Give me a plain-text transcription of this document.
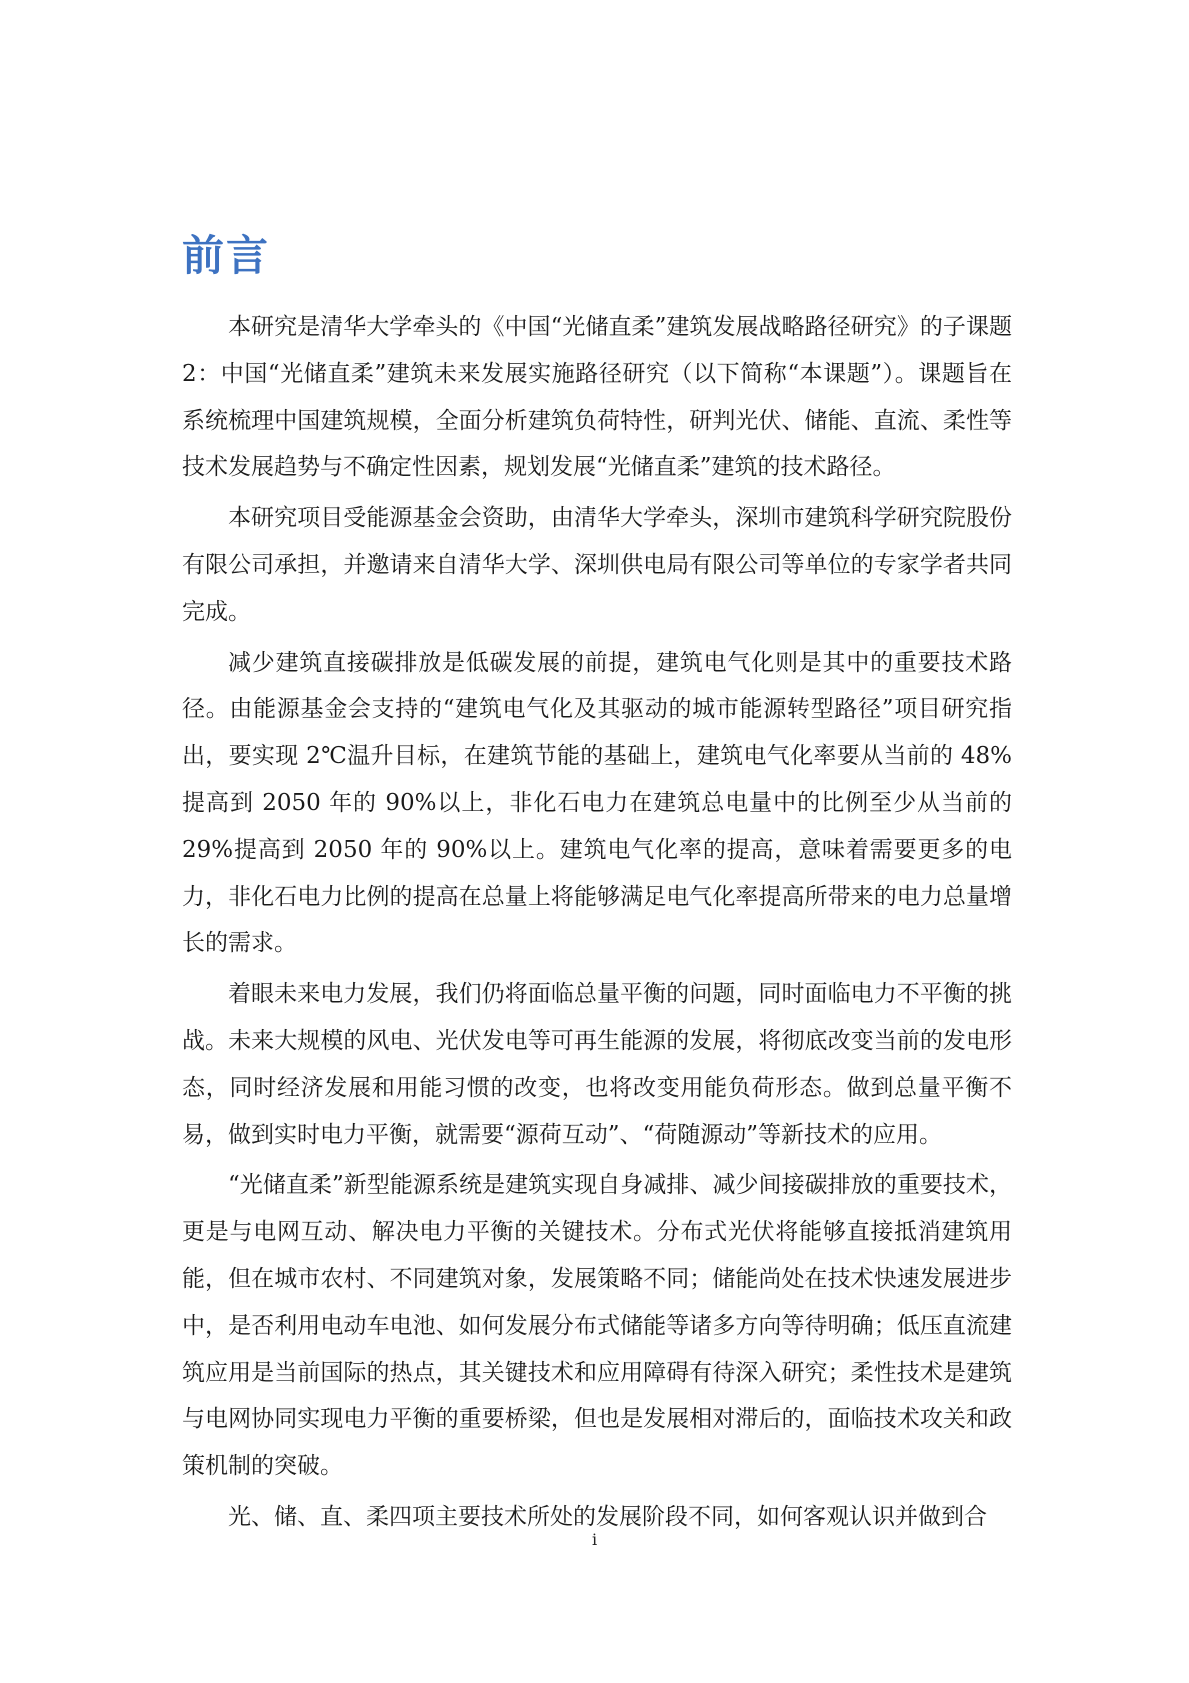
前言

本研究是清华大学牵头的《中国“光储直柔”建筑发展战略路径研究》的子课题 2：中国“光储直柔”建筑未来发展实施路径研究（以下简称“本课题”）。课题旨在系统梳理中国建筑规模，全面分析建筑负荷特性，研判光伏、储能、直流、柔性等技术发展趋势与不确定性因素，规划发展“光储直柔”建筑的技术路径。

本研究项目受能源基金会资助，由清华大学牵头，深圳市建筑科学研究院股份有限公司承担，并邀请来自清华大学、深圳供电局有限公司等单位的专家学者共同完成。

减少建筑直接碳排放是低碳发展的前提，建筑电气化则是其中的重要技术路径。由能源基金会支持的“建筑电气化及其驱动的城市能源转型路径”项目研究指出，要实现 2℃温升目标，在建筑节能的基础上，建筑电气化率要从当前的 48%提高到 2050 年的 90%以上，非化石电力在建筑总电量中的比例至少从当前的 29%提高到 2050 年的 90%以上。建筑电气化率的提高，意味着需要更多的电力，非化石电力比例的提高在总量上将能够满足电气化率提高所带来的电力总量增长的需求。

着眼未来电力发展，我们仍将面临总量平衡的问题，同时面临电力不平衡的挑战。未来大规模的风电、光伏发电等可再生能源的发展，将彻底改变当前的发电形态，同时经济发展和用能习惯的改变，也将改变用能负荷形态。做到总量平衡不易，做到实时电力平衡，就需要“源荷互动”、“荷随源动”等新技术的应用。

“光储直柔”新型能源系统是建筑实现自身减排、减少间接碳排放的重要技术，更是与电网互动、解决电力平衡的关键技术。分布式光伏将能够直接抵消建筑用能，但在城市农村、不同建筑对象，发展策略不同；储能尚处在技术快速发展进步中，是否利用电动车电池、如何发展分布式储能等诸多方向等待明确；低压直流建筑应用是当前国际的热点，其关键技术和应用障碍有待深入研究；柔性技术是建筑与电网协同实现电力平衡的重要桥梁，但也是发展相对滞后的，面临技术攻关和政策机制的突破。

光、储、直、柔四项主要技术所处的发展阶段不同，如何客观认识并做到合

i
